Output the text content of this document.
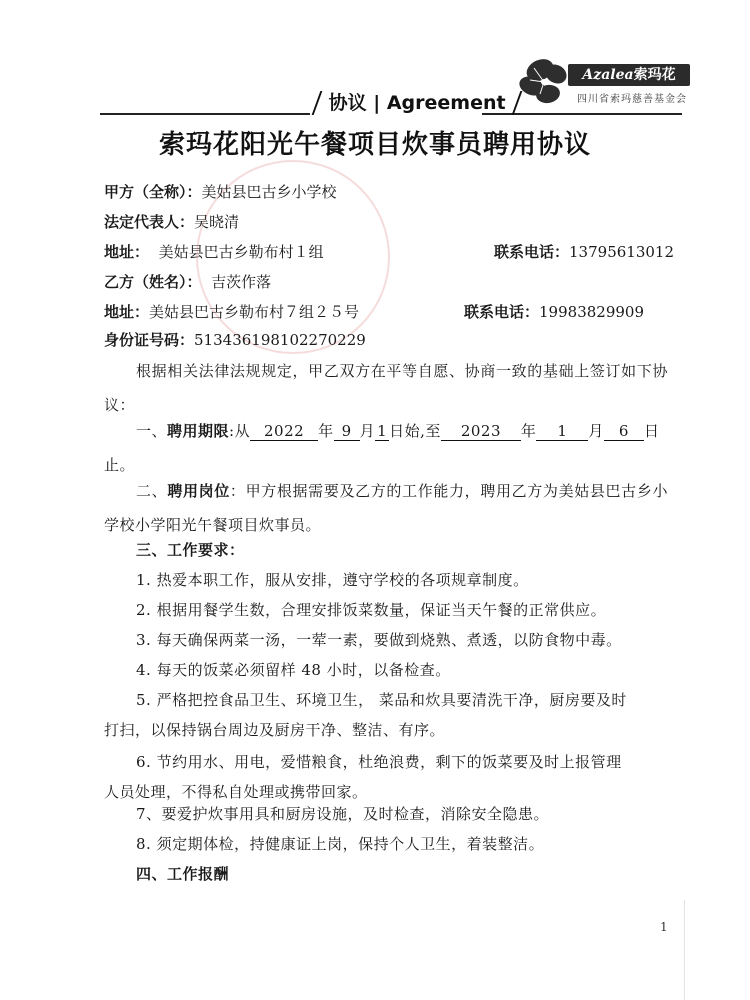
Azalea索玛花
四川省索玛慈善基金会
协议 | Agreement
索玛花阳光午餐项目炊事员聘用协议
甲方（全称）：美姑县巴古乡小学校
法定代表人：吴晓清
地址： 美姑县巴古乡勒布村１组	联系电话：13795613012
乙方（姓名）： 吉茨作落
地址：美姑县巴古乡勒布村７组２５号	联系电话：19983829909
身份证号码：513436198102270229
根据相关法律法规规定，甲乙双方在平等自愿、协商一致的基础上签订如下协议：
一、聘用期限:从 2022 年 9 月 1 日始,至 2023 年 1 月 6 日
止。
二、聘用岗位：甲方根据需要及乙方的工作能力，聘用乙方为美姑县巴古乡小学校小学阳光午餐项目炊事员。
三、工作要求：
1. 热爱本职工作，服从安排，遵守学校的各项规章制度。
2. 根据用餐学生数，合理安排饭菜数量，保证当天午餐的正常供应。
3. 每天确保两菜一汤，一荤一素，要做到烧熟、煮透，以防食物中毒。
4. 每天的饭菜必须留样 48 小时，以备检查。
5. 严格把控食品卫生、环境卫生， 菜品和炊具要清洗干净，厨房要及时
打扫，以保持锅台周边及厨房干净、整洁、有序。
6. 节约用水、用电，爱惜粮食，杜绝浪费，剩下的饭菜要及时上报管理
人员处理，不得私自处理或携带回家。
7、要爱护炊事用具和厨房设施，及时检查，消除安全隐患。
8. 须定期体检，持健康证上岗，保持个人卫生，着装整洁。
四、工作报酬
1
